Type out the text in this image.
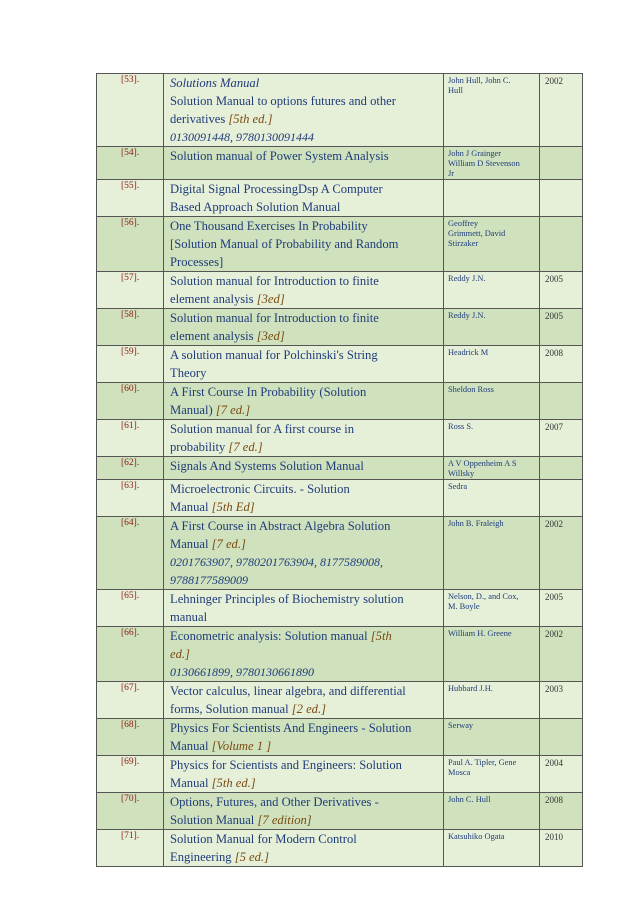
[53].	Solutions Manual
Solution Manual to options futures and other
derivatives [5th ed.]
0130091448, 9780130091444	John Hull, John C.
Hull	2002
[54].	Solution manual of Power System Analysis	John J Grainger
William D Stevenson
Jr	

[55].	Digital Signal ProcessingDsp A Computer
Based Approach Solution Manual		

[56].	One Thousand Exercises In Probability
[Solution Manual of Probability and Random
Processes]	Geoffrey
Grimmett, David
Stirzaker	

[57].	Solution manual for Introduction to finite
element analysis [3ed]	Reddy J.N.	2005
[58].	Solution manual for Introduction to finite
element analysis [3ed]	Reddy J.N.	2005
[59].	A solution manual for Polchinski's String
Theory	Headrick M	2008
[60].	A First Course In Probability (Solution
Manual) [7 ed.]	Sheldon Ross	

[61].	Solution manual for A first course in
probability [7 ed.]	Ross S.	2007
[62].	Signals And Systems Solution Manual	A V Oppenheim A S
Willsky	

[63].	Microelectronic Circuits. - Solution
Manual [5th Ed]	Sedra	

[64].	A First Course in Abstract Algebra Solution
Manual [7 ed.]
0201763907, 9780201763904, 8177589008,
9788177589009	John B. Fraleigh	2002
[65].	Lehninger Principles of Biochemistry solution
manual	Nelson, D., and Cox,
M. Boyle	2005
[66].	Econometric analysis: Solution manual [5th
ed.]
0130661899, 9780130661890	William H. Greene	2002
[67].	Vector calculus, linear algebra, and differential
forms, Solution manual [2 ed.]	Hubbard J.H.	2003
[68].	Physics For Scientists And Engineers - Solution
Manual [Volume 1 ]	Serway	

[69].	Physics for Scientists and Engineers: Solution
Manual [5th ed.]	Paul A. Tipler, Gene
Mosca	2004
[70].	Options, Futures, and Other Derivatives -
Solution Manual [7 edition]	John C. Hull	2008
[71].	Solution Manual for Modern Control
Engineering [5 ed.]	Katsuhiko Ogata	2010
